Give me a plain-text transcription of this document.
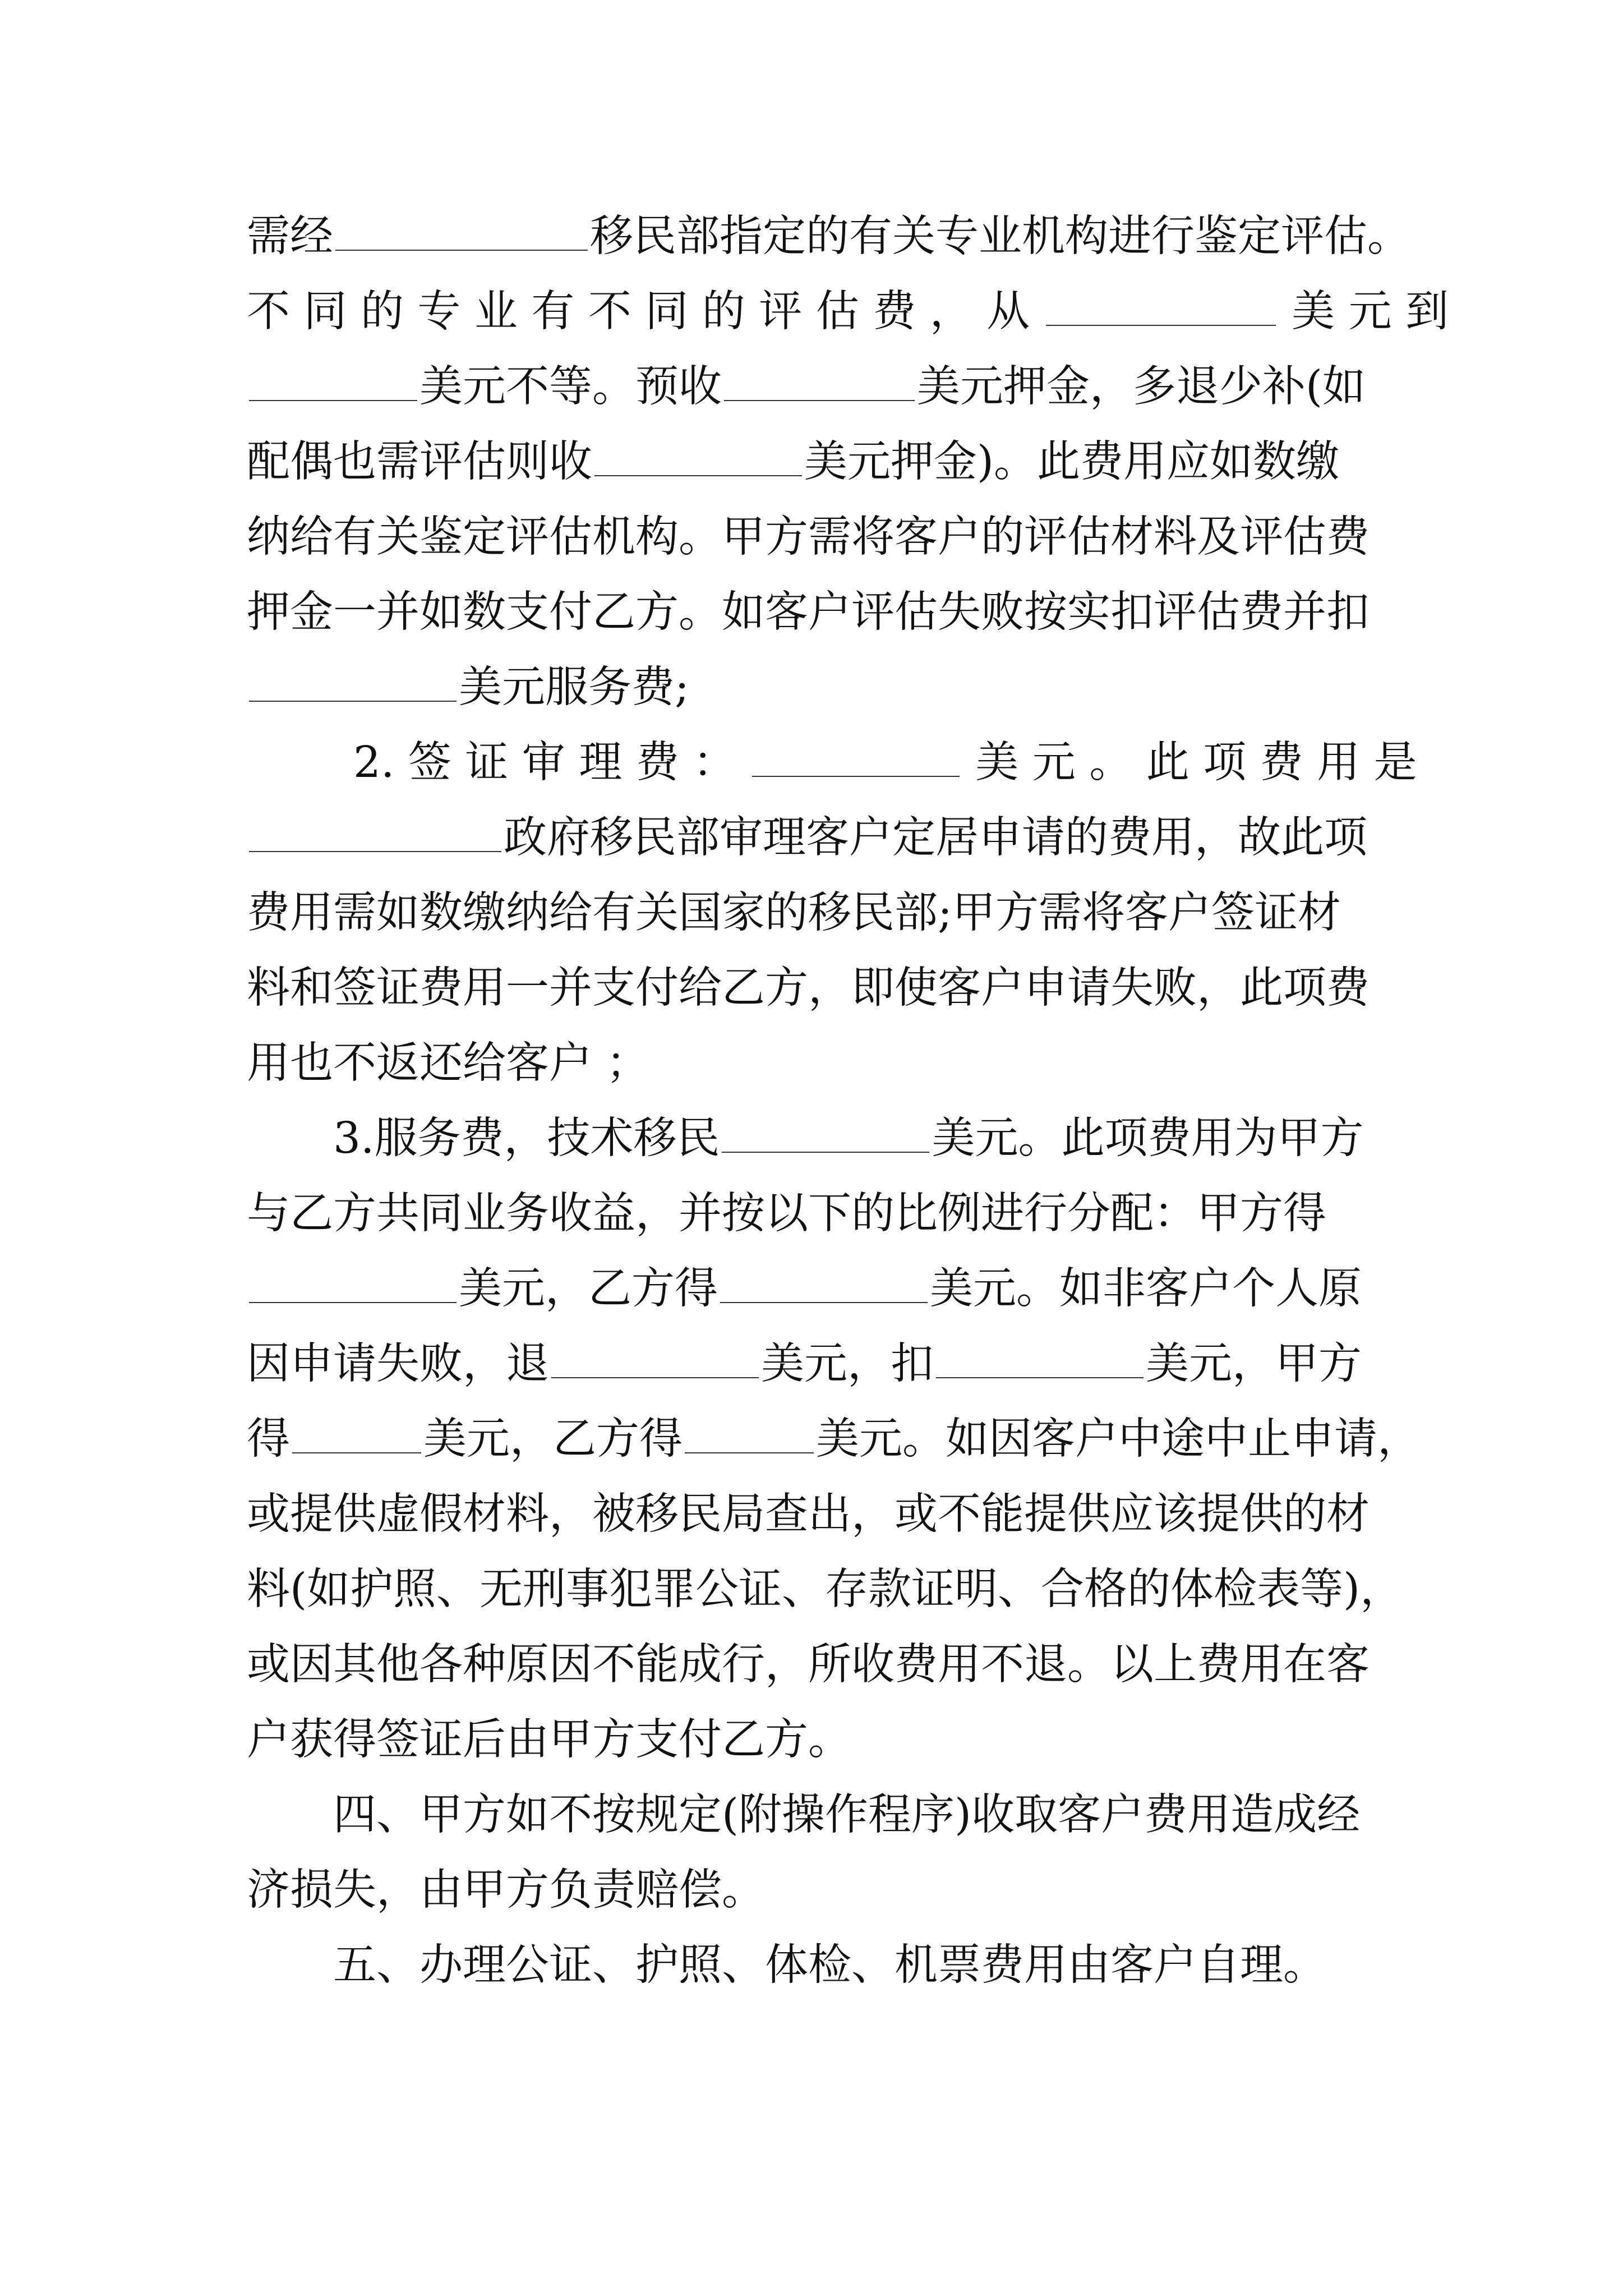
需经	移民部指定的有关专业机构进行鉴定评估。
不 同 的 专 业 有 不 同 的 评 估 费 ， 从	美 元 到
美元不等。预收	美元押金，多退少补(如
配偶也需评估则收	美元押金)。此费用应如数缴
纳给有关鉴定评估机构。甲方需将客户的评估材料及评估费
押金一并如数支付乙方。如客户评估失败按实扣评估费并扣
美元服务费;
2. 签 证 审 理 费 ：	美 元 。 此 项 费 用 是
政府移民部审理客户定居申请的费用，故此项
费用需如数缴纳给有关国家的移民部;甲方需将客户签证材
料和签证费用一并支付给乙方，即使客户申请失败，此项费
用也不返还给客户 ；
3.服务费，技术移民	美元。此项费用为甲方
与乙方共同业务收益，并按以下的比例进行分配：甲方得
美元，乙方得	美元。如非客户个人原
因申请失败，退	美元，扣	美元，甲方
得	美元，乙方得	美元。如因客户中途中止申请，
或提供虚假材料，被移民局查出，或不能提供应该提供的材
料(如护照、无刑事犯罪公证、存款证明、合格的体检表等)，
或因其他各种原因不能成行，所收费用不退。以上费用在客
户获得签证后由甲方支付乙方。
四、甲方如不按规定(附操作程序)收取客户费用造成经
济损失，由甲方负责赔偿。
五、办理公证、护照、体检、机票费用由客户自理。
